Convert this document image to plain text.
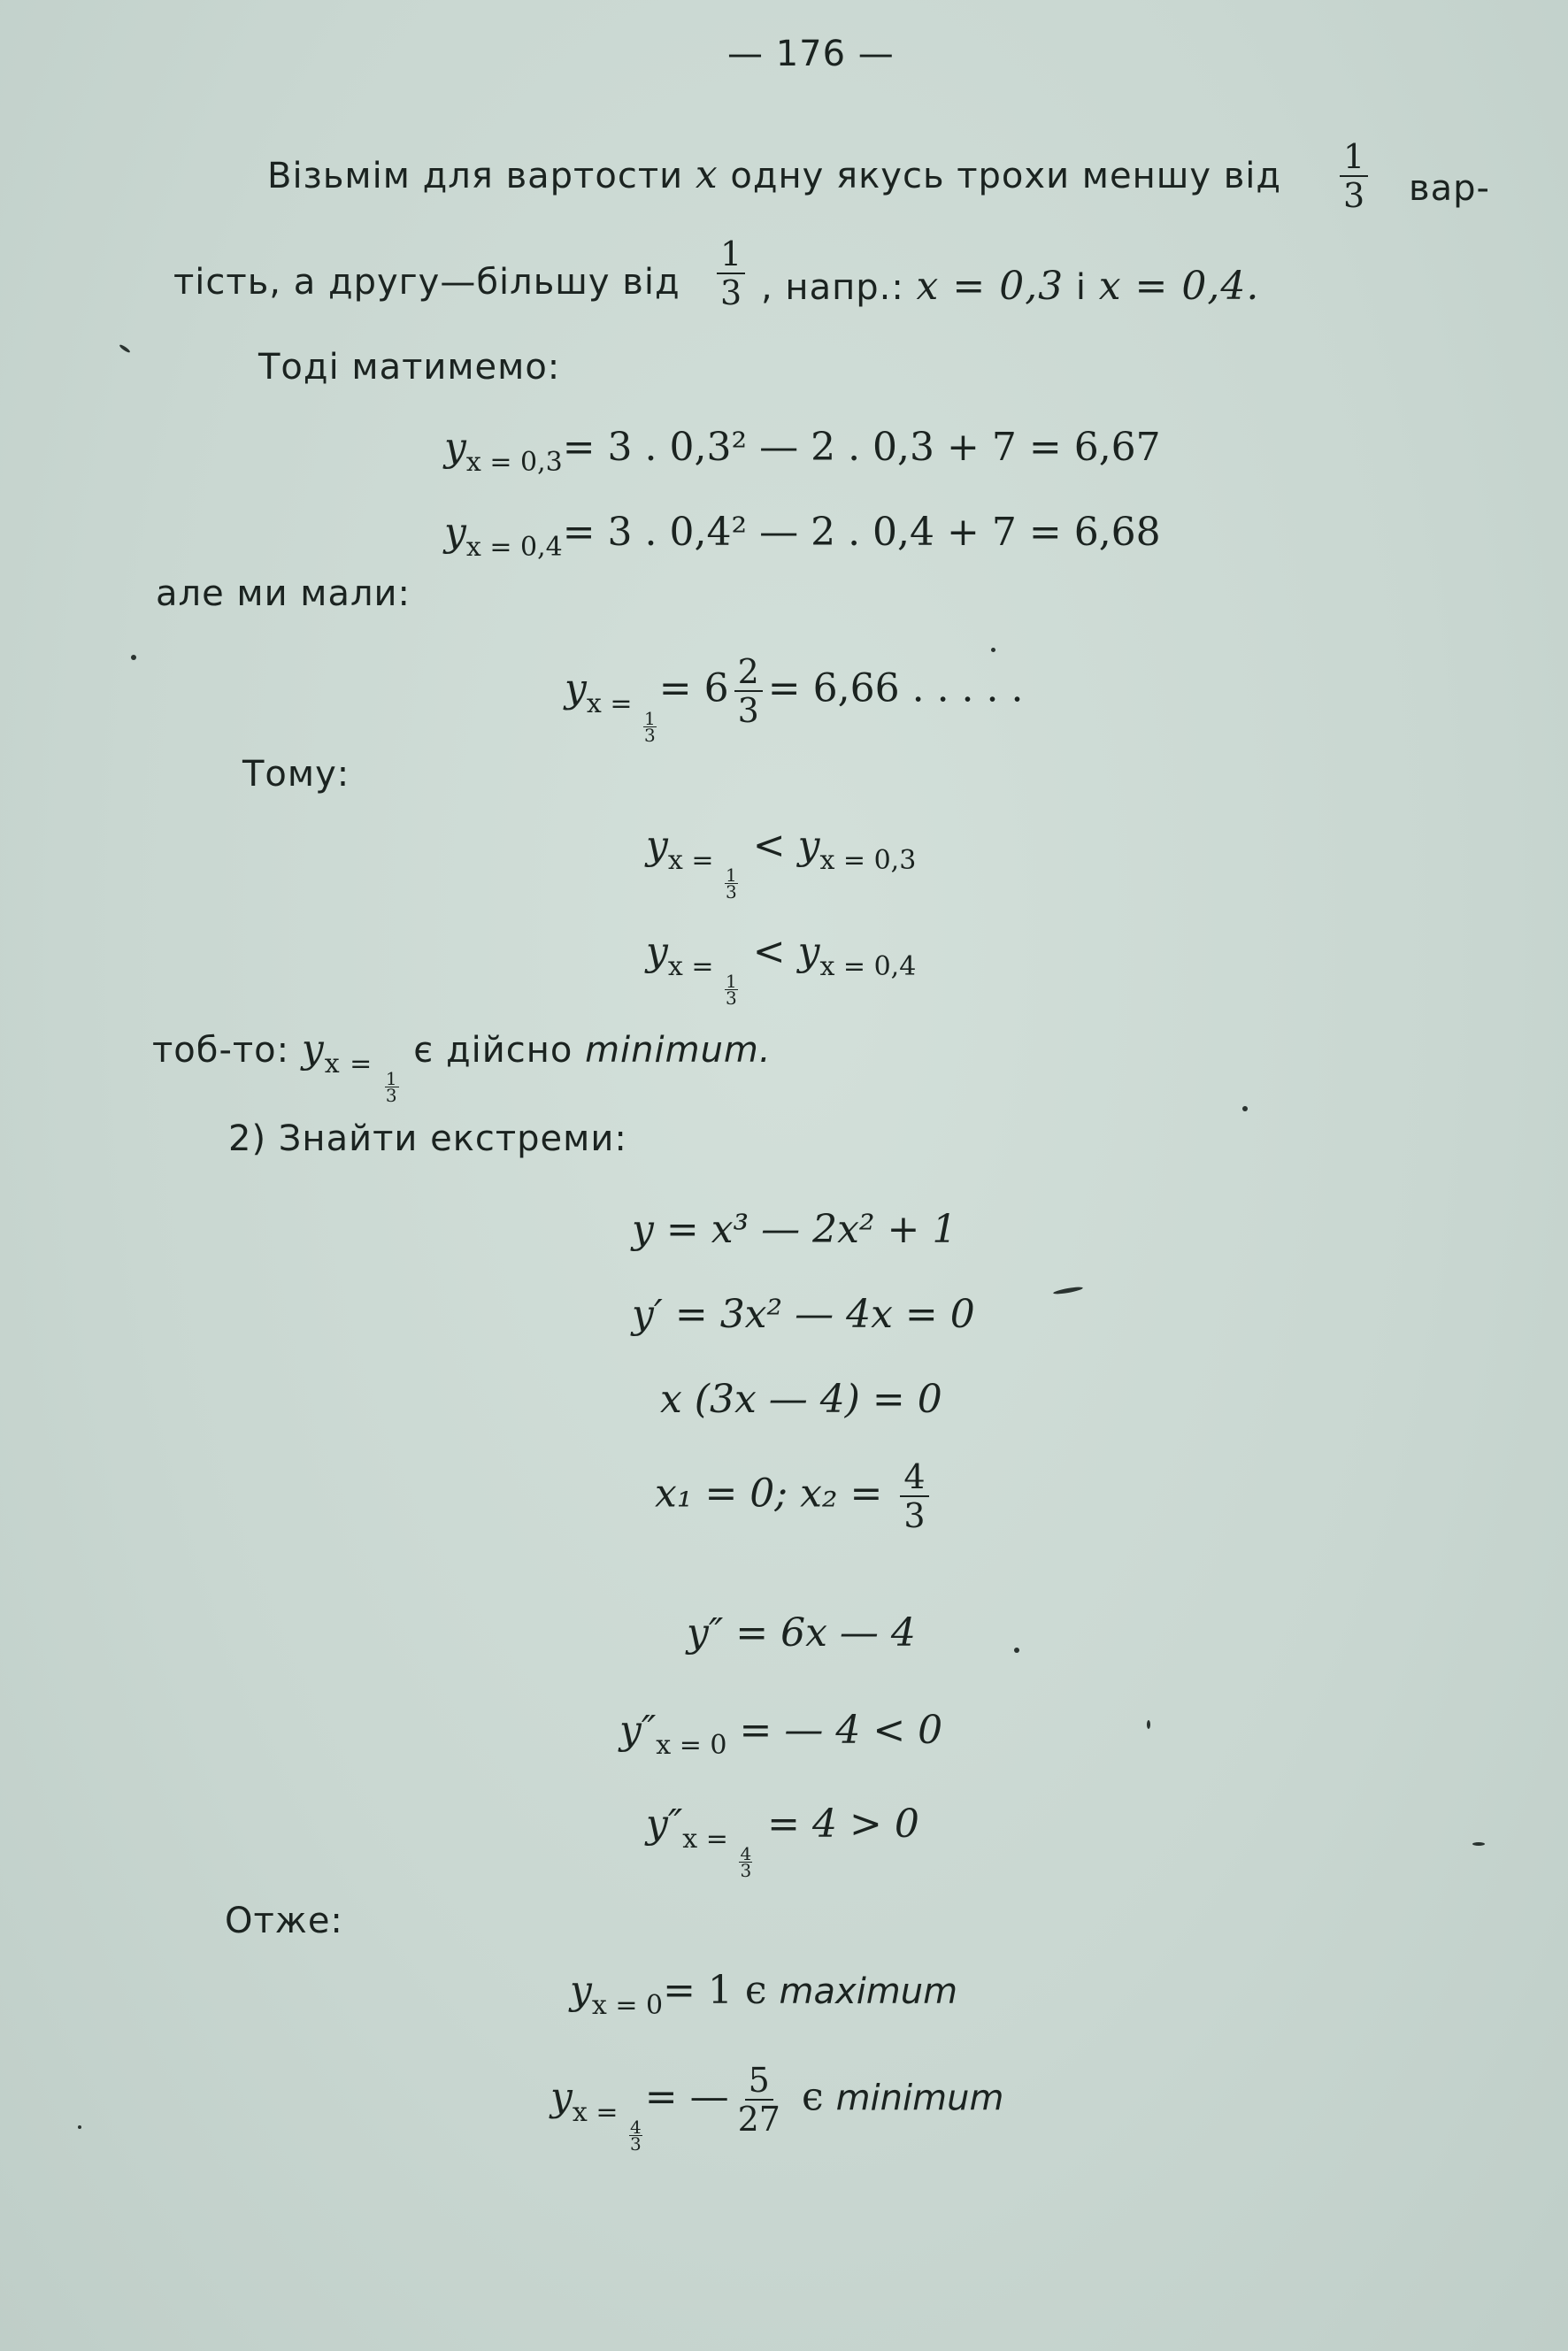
— 176 —
Візьмім для вартости x одну якусь трохи меншу від $\frac{1}{3} вар-$
тість, а другу—більшу від $\frac{1}{3}$ , напр.: x = 0,3 і x = 0,4.
Тоді матимемо:
$y_{x = 0,3}= 3$ . 0,3² — 2 . 0,3 + 7 = 6,67
$y_{x = 0,4}= 3$ . 0,4² — 2 . 0,4 + 7 = 6,68
але ми мали:
$y_{x = \frac{1}{3}}$
= $6 \frac{2}{3} = 6,66$ . . . . .
Тому:
$y_{x = \frac{1}{3}}$
< $y_{x = 0,3}$
$y_{x = \frac{1}{3}}$
< $y_{x = 0,4}$
тоб-то: $y_{x = \frac{1}{3}}$
є дійсно minimum.
2) Знайти екстреми:
y = x³ — 2x² + 1
y′ = 3x² — 4x = 0
x (3x — 4) = 0
x₁ = 0; $x_2 = \frac{4}{3}$
y″ = 6x — 4
$y''_{x = 0}$ = — 4 < 0
$y''_{x = \frac{4}{3}}$
= 4 > 0
Отже:
$y_{x = 0}= 1$ є maximum
$y_{x = \frac{4}{3}}$
= — $\frac{5}{27}$ є minimum
